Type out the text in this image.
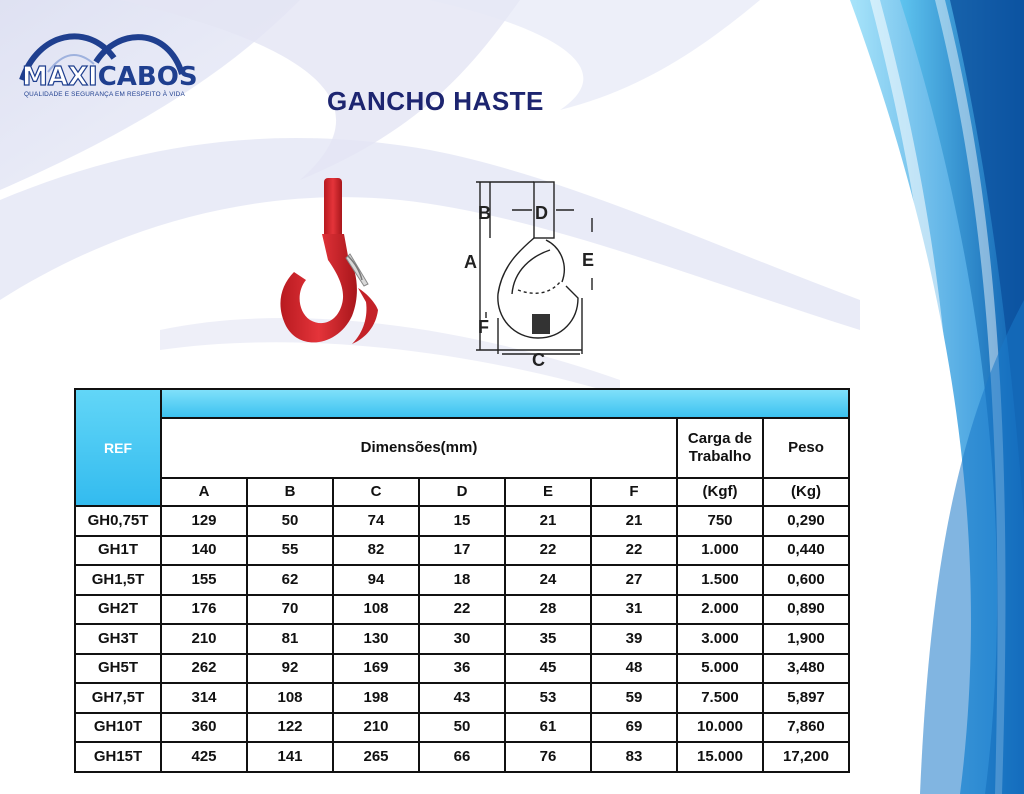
MAXICABOS
QUALIDADE E SEGURANÇA EM RESPEITO À VIDA	GANCHO HASTE
B D
A	E
F
C
REF								
	Dimensões(mm)						Carga de Trabalho	Peso
	A	B	C	D	E	F	(Kgf)	(Kg)
GH0,75T	129	50	74	15	21	21	750	0,290
GH1T	140	55	82	17	22	22	1.000	0,440
GH1,5T	155	62	94	18	24	27	1.500	0,600
GH2T	176	70	108	22	28	31	2.000	0,890
GH3T	210	81	130	30	35	39	3.000	1,900
GH5T	262	92	169	36	45	48	5.000	3,480
GH7,5T	314	108	198	43	53	59	7.500	5,897
GH10T	360	122	210	50	61	69	10.000	7,860
GH15T	425	141	265	66	76	83	15.000	17,200
